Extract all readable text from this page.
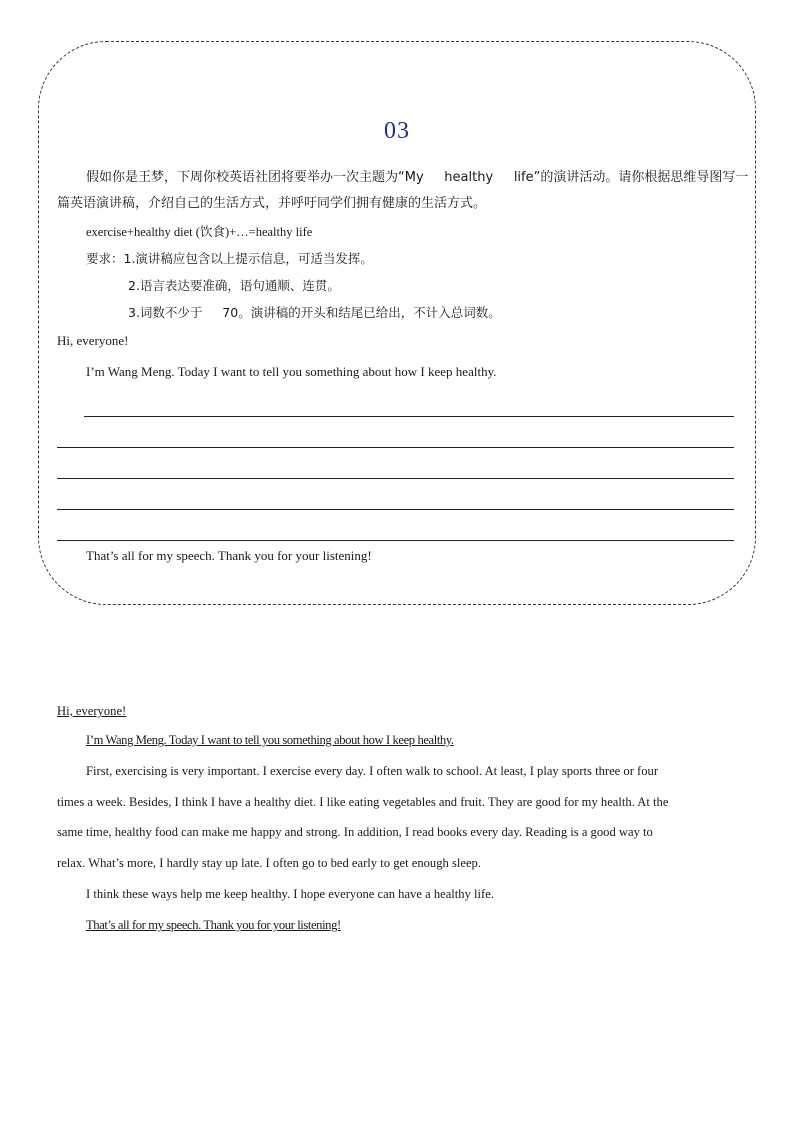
03
假如你是王梦，下周你校英语社团将要举办一次主题为“My     healthy     life”的演讲活动。请你根据思维导图写一
篇英语演讲稿，介绍自己的生活方式，并呼吁同学们拥有健康的生活方式。
exercise+healthy diet (饮食)+…=healthy life
要求：1.演讲稿应包含以上提示信息，可适当发挥。
2.语言表达要准确，语句通顺、连贯。
3.词数不少于     70。演讲稿的开头和结尾已给出，不计入总词数。
Hi, everyone!
I’m Wang Meng. Today I want to tell you something about how I keep healthy.
That’s all for my speech. Thank you for your listening!
Hi, everyone!
I’m Wang Meng. Today I want to tell you something about how I keep healthy.
First, exercising is very important. I exercise every day. I often walk to school. At least, I play sports three or four
times a week. Besides, I think I have a healthy diet. I like eating vegetables and fruit. They are good for my health. At the
same time, healthy food can make me happy and strong. In addition, I read books every day. Reading is a good way to
relax. What’s more, I hardly stay up late. I often go to bed early to get enough sleep.
I think these ways help me keep healthy. I hope everyone can have a healthy life.
That’s all for my speech. Thank you for your listening!
